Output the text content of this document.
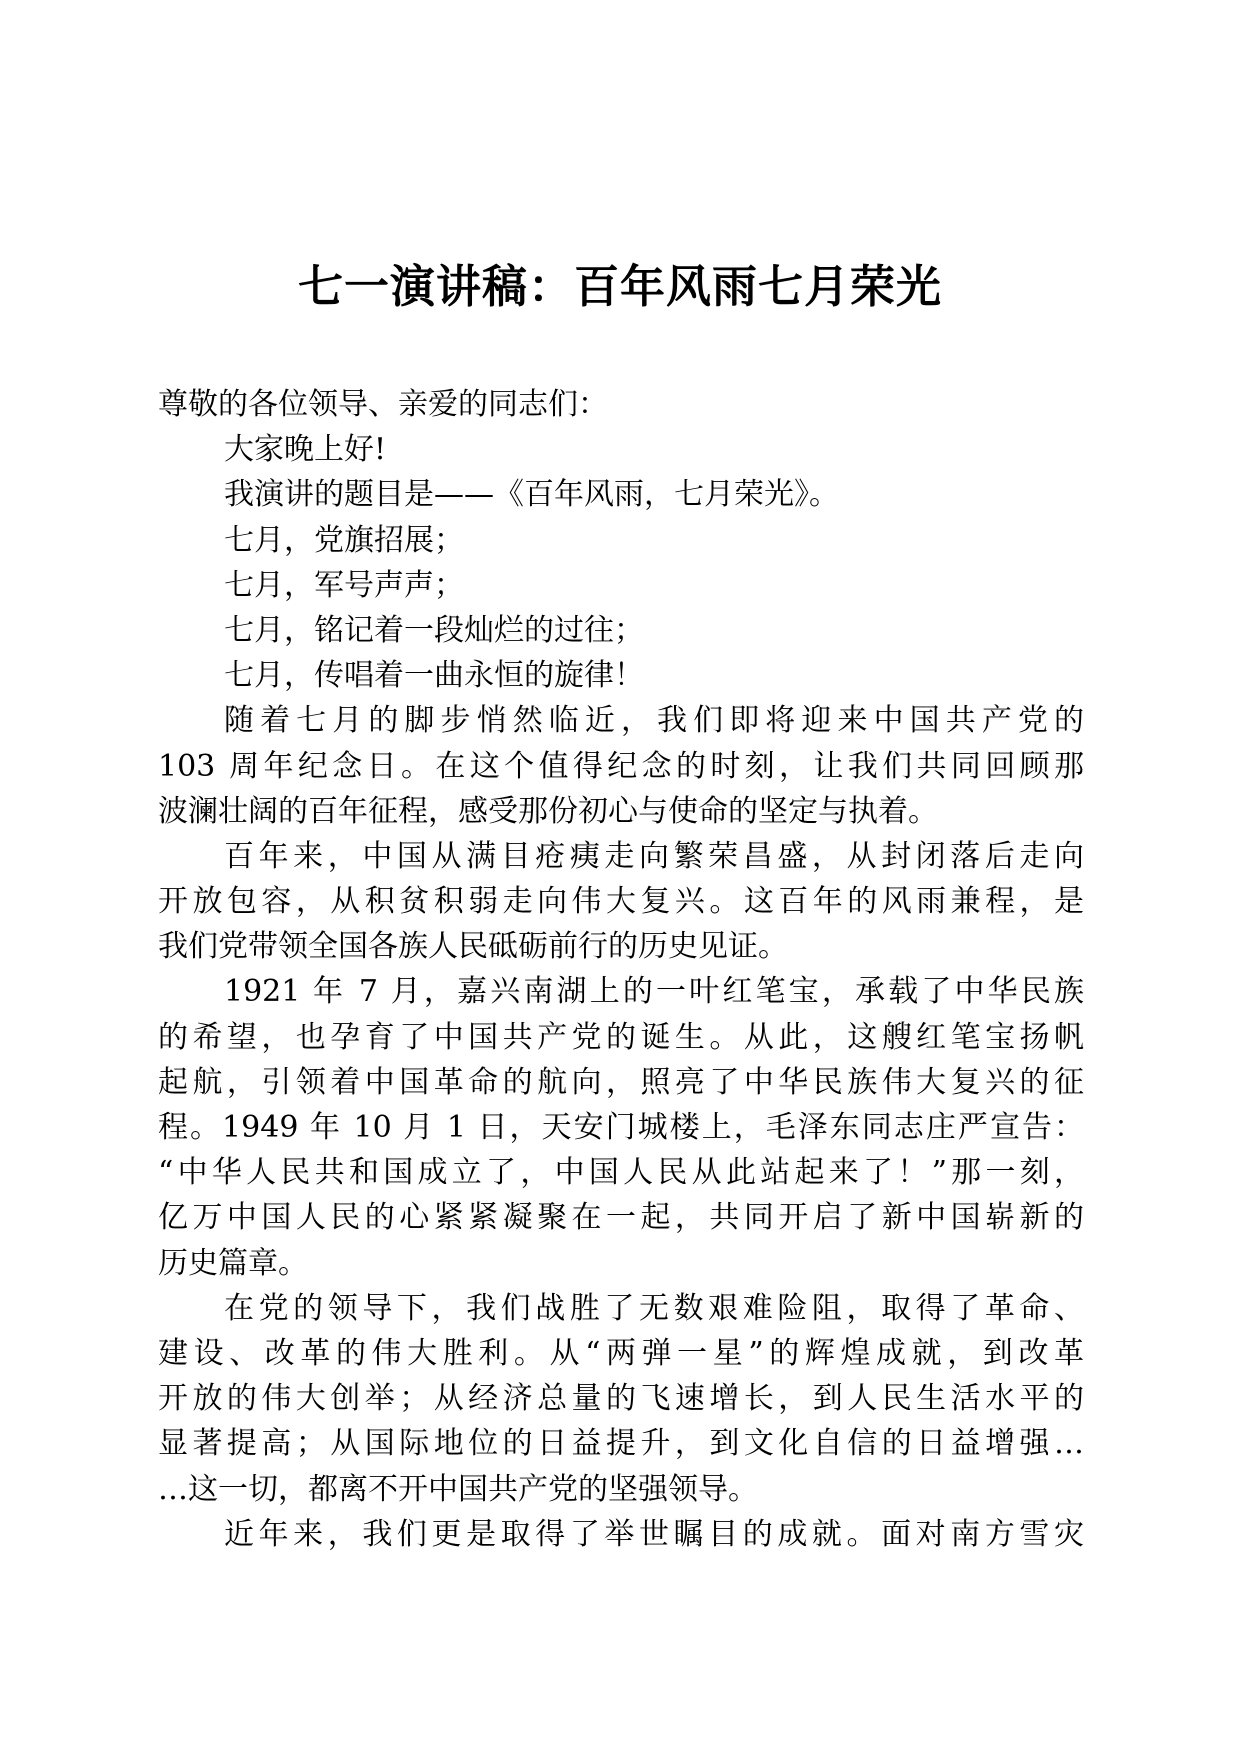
七一演讲稿：百年风雨七月荣光
尊敬的各位领导、亲爱的同志们：
大家晚上好!
我演讲的题目是——《百年风雨，七月荣光》。
七月，党旗招展；
七月，军号声声；
七月，铭记着一段灿烂的过往；
七月，传唱着一曲永恒的旋律！
随着七月的脚步悄然临近，我们即将迎来中国共产党的
103 周年纪念日。在这个值得纪念的时刻，让我们共同回顾那
波澜壮阔的百年征程，感受那份初心与使命的坚定与执着。
百年来，中国从满目疮痍走向繁荣昌盛，从封闭落后走向
开放包容，从积贫积弱走向伟大复兴。这百年的风雨兼程，是
我们党带领全国各族人民砥砺前行的历史见证。
1921 年 7 月，嘉兴南湖上的一叶红笔宝，承载了中华民族
的希望，也孕育了中国共产党的诞生。从此，这艘红笔宝扬帆
起航，引领着中国革命的航向，照亮了中华民族伟大复兴的征
程。1949 年 10 月 1 日，天安门城楼上，毛泽东同志庄严宣告：
“中华人民共和国成立了，中国人民从此站起来了！”那一刻，
亿万中国人民的心紧紧凝聚在一起，共同开启了新中国崭新的
历史篇章。
在党的领导下，我们战胜了无数艰难险阻，取得了革命、
建设、改革的伟大胜利。从“两弹一星”的辉煌成就，到改革
开放的伟大创举；从经济总量的飞速增长，到人民生活水平的
显著提高；从国际地位的日益提升，到文化自信的日益增强…
…这一切，都离不开中国共产党的坚强领导。
近年来，我们更是取得了举世瞩目的成就。面对南方雪灾
